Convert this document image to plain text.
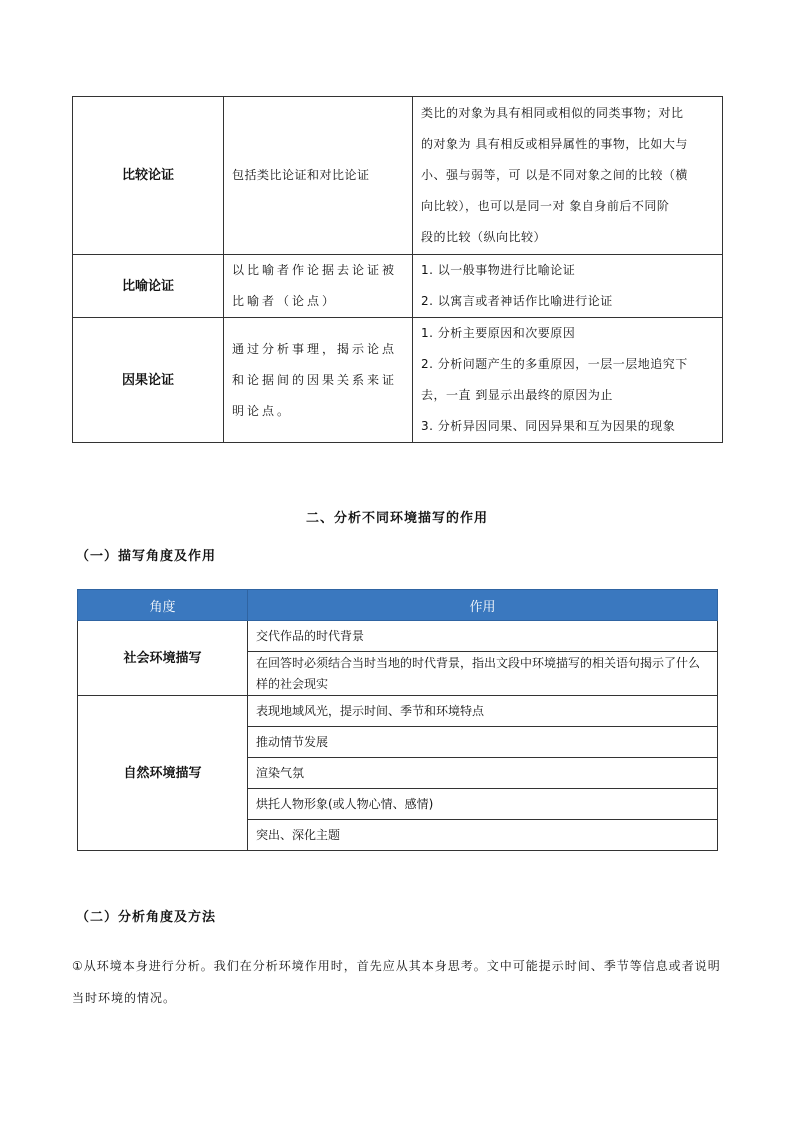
比较论证	包括类比论证和对比论证	类比的对象为具有相同或相似的同类事物；对比
的对象为 具有相反或相异属性的事物，比如大与
小、强与弱等，可 以是不同对象之间的比较（横
向比较），也可以是同一对 象自身前后不同阶
段的比较（纵向比较）

比喻论证	以比喻者作论据去论证被
比喻者（论点）	1. 以一般事物进行比喻论证
2. 以寓言或者神话作比喻进行论证

因果论证	通过分析事理，揭示论点
和论据间的因果关系来证
明论点。	1. 分析主要原因和次要原因
2. 分析问题产生的多重原因，一层一层地追究下
去，一直 到显示出最终的原因为止
3. 分析异因同果、同因异果和互为因果的现象
二、分析不同环境描写的作用
（一）描写角度及作用
角度	作用
社会环境描写	交代作品的时代背景
	在回答时必须结合当时当地的时代背景，指出文段中环境描写的相关语句揭示了什么样的社会现实
自然环境描写	表现地域风光，提示时间、季节和环境特点
	推动情节发展
	渲染气氛
	烘托人物形象(或人物心情、感情)
	突出、深化主题
（二）分析角度及方法
①从环境本身进行分析。我们在分析环境作用时，首先应从其本身思考。文中可能提示时间、季节等信息或者说明当时环境的情况。
